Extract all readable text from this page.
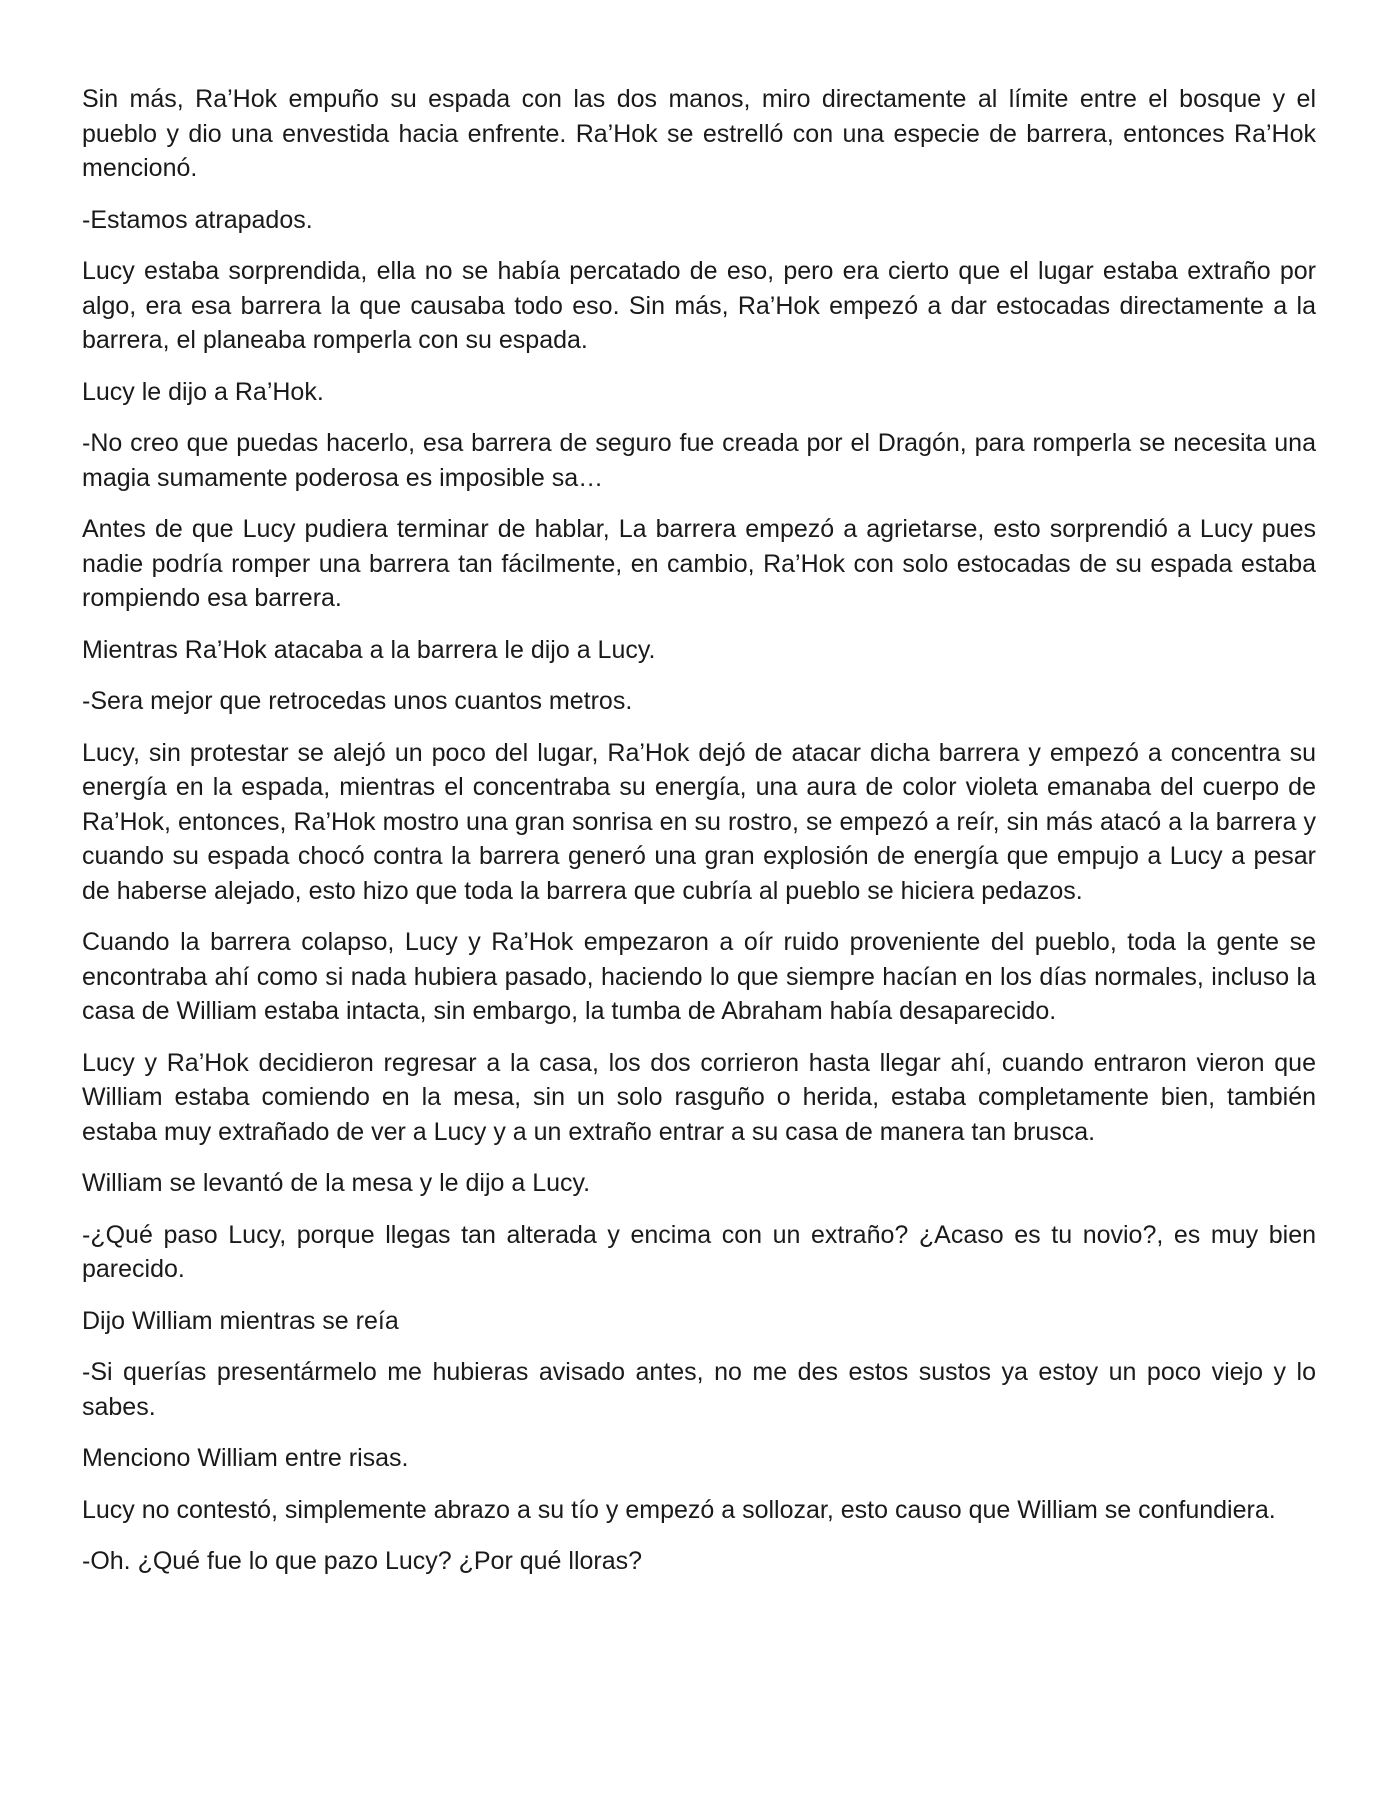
Sin más, Ra’Hok empuño su espada con las dos manos, miro directamente al límite entre el bosque y el pueblo y dio una envestida hacia enfrente. Ra’Hok se estrelló con una especie de barrera, entonces Ra’Hok mencionó.

-Estamos atrapados.

Lucy estaba sorprendida, ella no se había percatado de eso, pero era cierto que el lugar estaba extraño por algo, era esa barrera la que causaba todo eso. Sin más, Ra’Hok empezó a dar estocadas directamente a la barrera, el planeaba romperla con su espada.

Lucy le dijo a Ra’Hok.

-No creo que puedas hacerlo, esa barrera de seguro fue creada por el Dragón, para romperla se necesita una magia sumamente poderosa es imposible sa…

Antes de que Lucy pudiera terminar de hablar, La barrera empezó a agrietarse, esto sorprendió a Lucy pues nadie podría romper una barrera tan fácilmente, en cambio, Ra’Hok con solo estocadas de su espada estaba rompiendo esa barrera.

Mientras Ra’Hok atacaba a la barrera le dijo a Lucy.

-Sera mejor que retrocedas unos cuantos metros.

Lucy, sin protestar se alejó un poco del lugar, Ra’Hok dejó de atacar dicha barrera y empezó a concentra su energía en la espada, mientras el concentraba su energía, una aura de color violeta emanaba del cuerpo de Ra’Hok, entonces, Ra’Hok mostro una gran sonrisa en su rostro, se empezó a reír, sin más atacó a la barrera y cuando su espada chocó contra la barrera generó una gran explosión de energía que empujo a Lucy a pesar de haberse alejado, esto hizo que toda la barrera que cubría al pueblo se hiciera pedazos.

Cuando la barrera colapso, Lucy y Ra’Hok empezaron a oír ruido proveniente del pueblo, toda la gente se encontraba ahí como si nada hubiera pasado, haciendo lo que siempre hacían en los días normales, incluso la casa de William estaba intacta, sin embargo, la tumba de Abraham había desaparecido.

Lucy y Ra’Hok decidieron regresar a la casa, los dos corrieron hasta llegar ahí, cuando entraron vieron que William estaba comiendo en la mesa, sin un solo rasguño o herida, estaba completamente bien, también estaba muy extrañado de ver a Lucy y a un extraño entrar a su casa de manera tan brusca.

William se levantó de la mesa y le dijo a Lucy.

-¿Qué paso Lucy, porque llegas tan alterada y encima con un extraño? ¿Acaso es tu novio?, es muy bien parecido.

Dijo William mientras se reía

-Si querías presentármelo me hubieras avisado antes, no me des estos sustos ya estoy un poco viejo y lo sabes.

Menciono William entre risas.

Lucy no contestó, simplemente abrazo a su tío y empezó a sollozar, esto causo que William se confundiera.

-Oh. ¿Qué fue lo que pazo Lucy? ¿Por qué lloras?
